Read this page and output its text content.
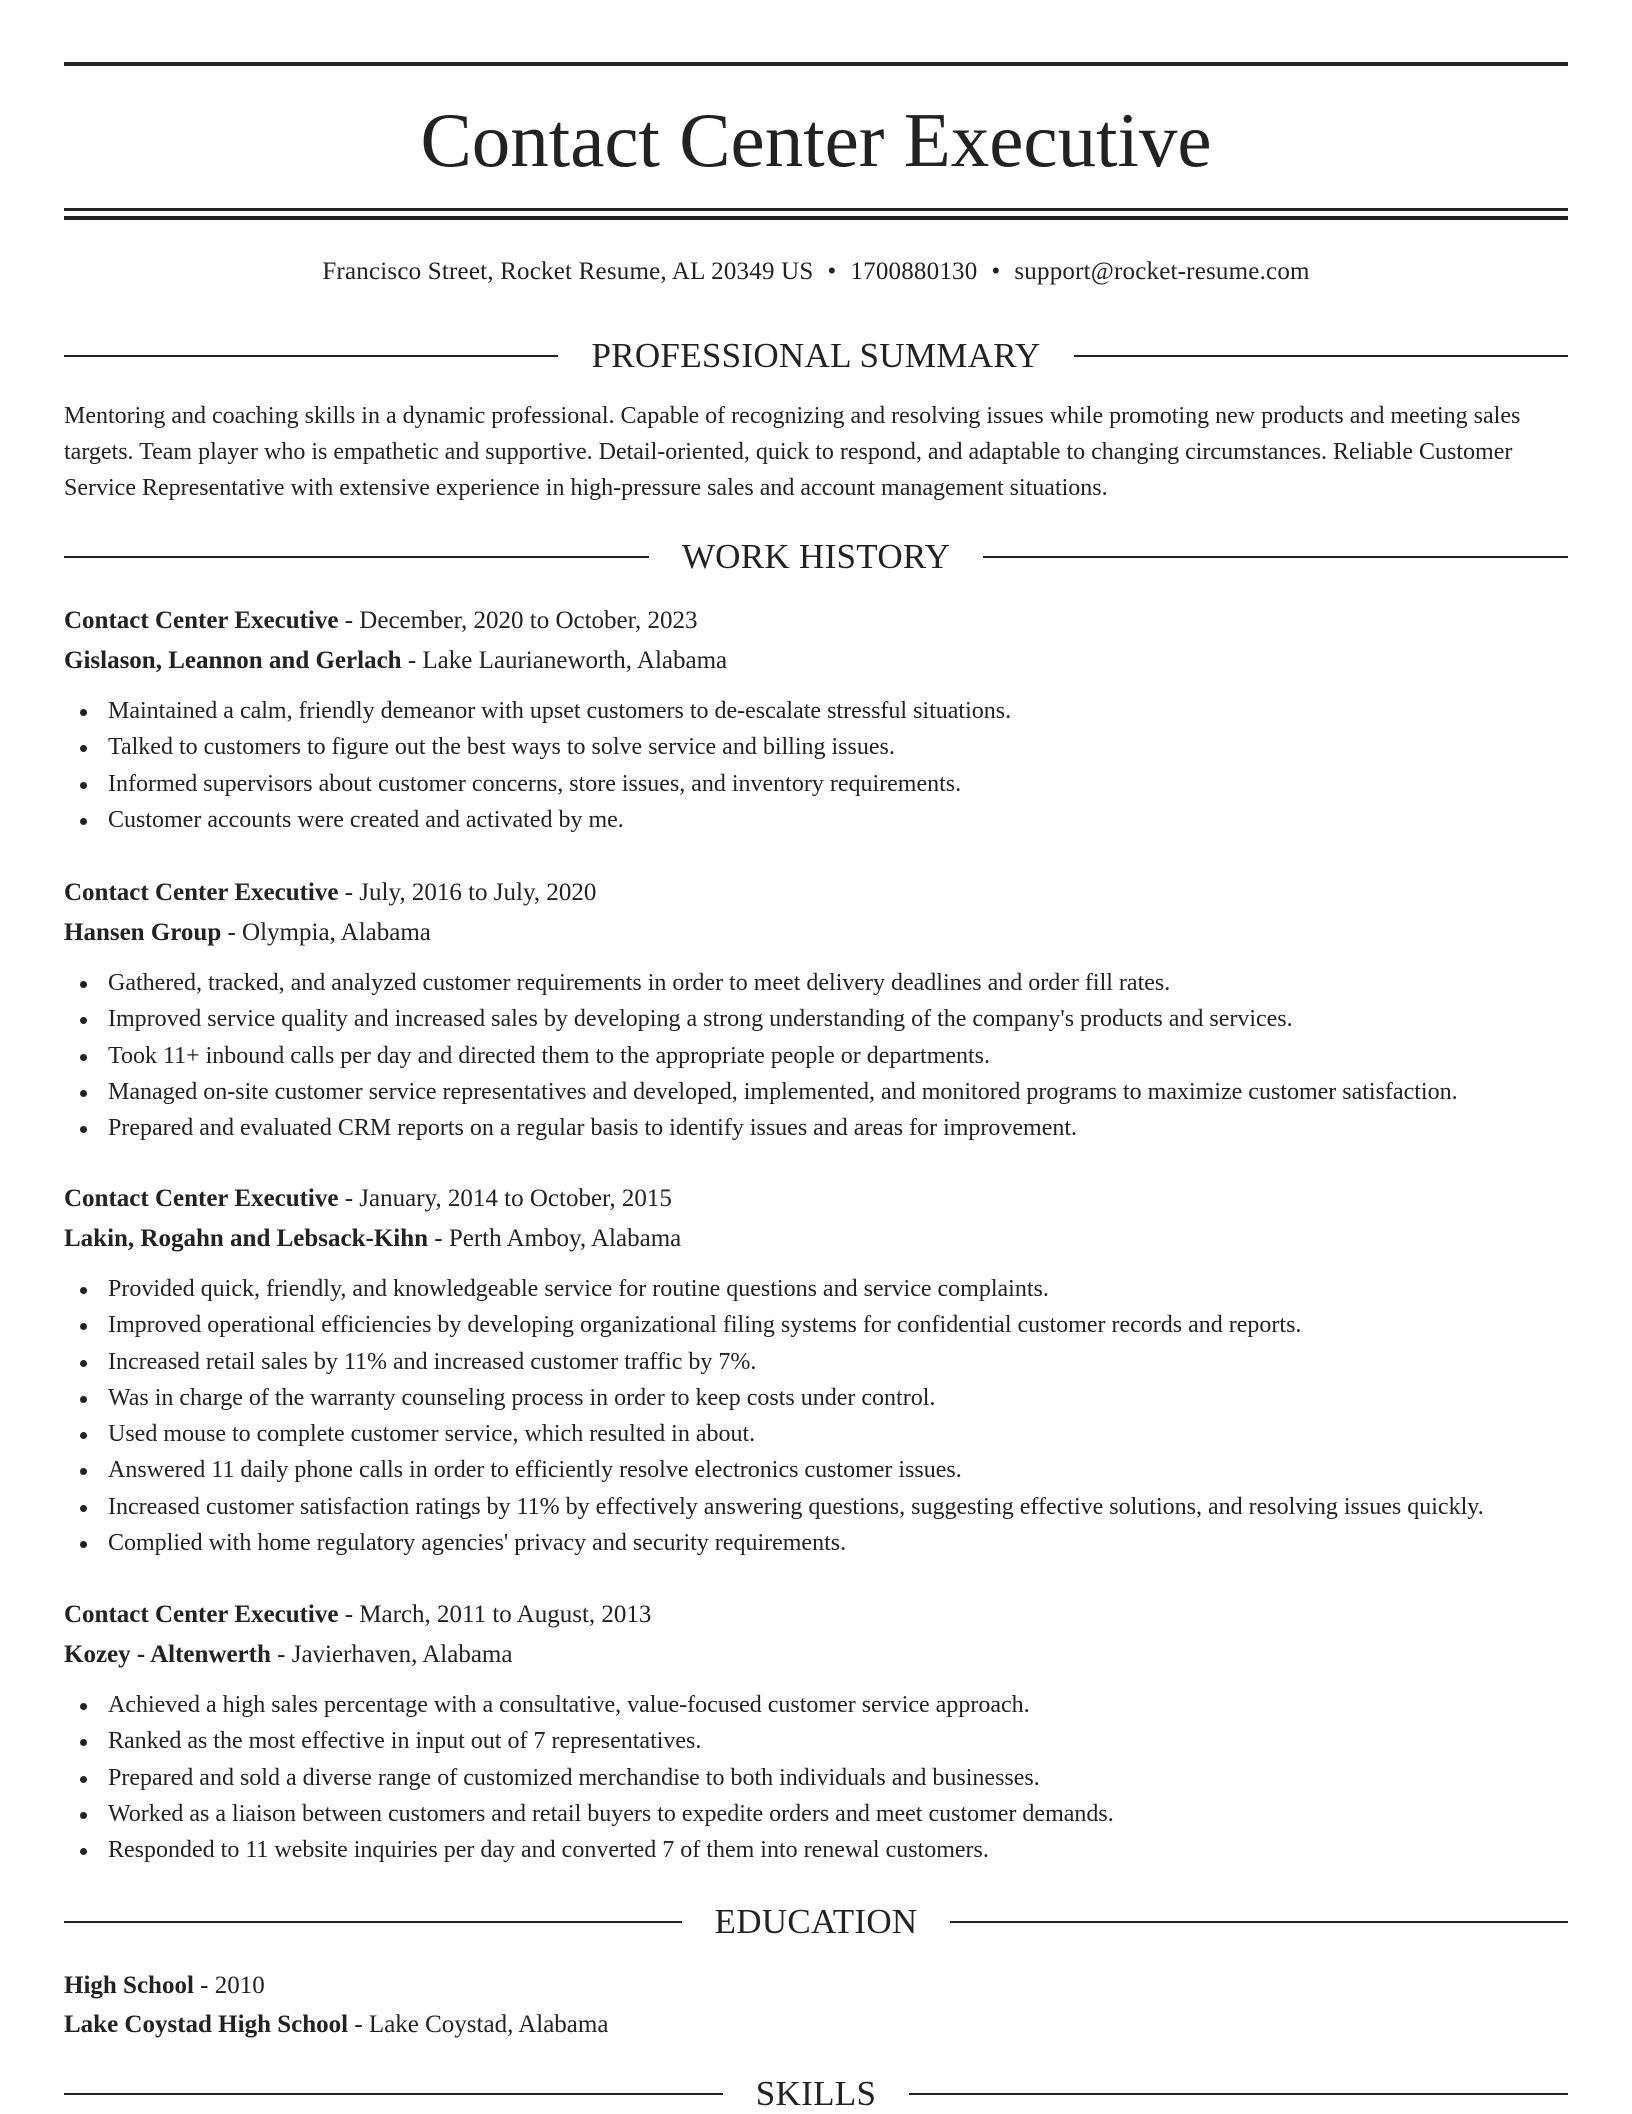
Contact Center Executive
Francisco Street, Rocket Resume, AL 20349 US • 1700880130 • support@rocket-resume.com
PROFESSIONAL SUMMARY

Mentoring and coaching skills in a dynamic professional. Capable of recognizing and resolving issues while promoting new products and meeting sales targets. Team player who is empathetic and supportive. Detail-oriented, quick to respond, and adaptable to changing circumstances. Reliable Customer Service Representative with extensive experience in high-pressure sales and account management situations.

WORK HISTORY

Contact Center Executive - December, 2020 to October, 2023

Gislason, Leannon and Gerlach - Lake Laurianeworth, Alabama

Maintained a calm, friendly demeanor with upset customers to de-escalate stressful situations.
Talked to customers to figure out the best ways to solve service and billing issues.
Informed supervisors about customer concerns, store issues, and inventory requirements.
Customer accounts were created and activated by me.

Contact Center Executive - July, 2016 to July, 2020

Hansen Group - Olympia, Alabama

Gathered, tracked, and analyzed customer requirements in order to meet delivery deadlines and order fill rates.
Improved service quality and increased sales by developing a strong understanding of the company's products and services.
Took 11+ inbound calls per day and directed them to the appropriate people or departments.
Managed on-site customer service representatives and developed, implemented, and monitored programs to maximize customer satisfaction.
Prepared and evaluated CRM reports on a regular basis to identify issues and areas for improvement.

Contact Center Executive - January, 2014 to October, 2015

Lakin, Rogahn and Lebsack-Kihn - Perth Amboy, Alabama

Provided quick, friendly, and knowledgeable service for routine questions and service complaints.
Improved operational efficiencies by developing organizational filing systems for confidential customer records and reports.
Increased retail sales by 11% and increased customer traffic by 7%.
Was in charge of the warranty counseling process in order to keep costs under control.
Used mouse to complete customer service, which resulted in about.
Answered 11 daily phone calls in order to efficiently resolve electronics customer issues.
Increased customer satisfaction ratings by 11% by effectively answering questions, suggesting effective solutions, and resolving issues quickly.
Complied with home regulatory agencies' privacy and security requirements.

Contact Center Executive - March, 2011 to August, 2013

Kozey - Altenwerth - Javierhaven, Alabama

Achieved a high sales percentage with a consultative, value-focused customer service approach.
Ranked as the most effective in input out of 7 representatives.
Prepared and sold a diverse range of customized merchandise to both individuals and businesses.
Worked as a liaison between customers and retail buyers to expedite orders and meet customer demands.
Responded to 11 website inquiries per day and converted 7 of them into renewal customers.
EDUCATION

High School - 2010

Lake Coystad High School - Lake Coystad, Alabama

SKILLS
